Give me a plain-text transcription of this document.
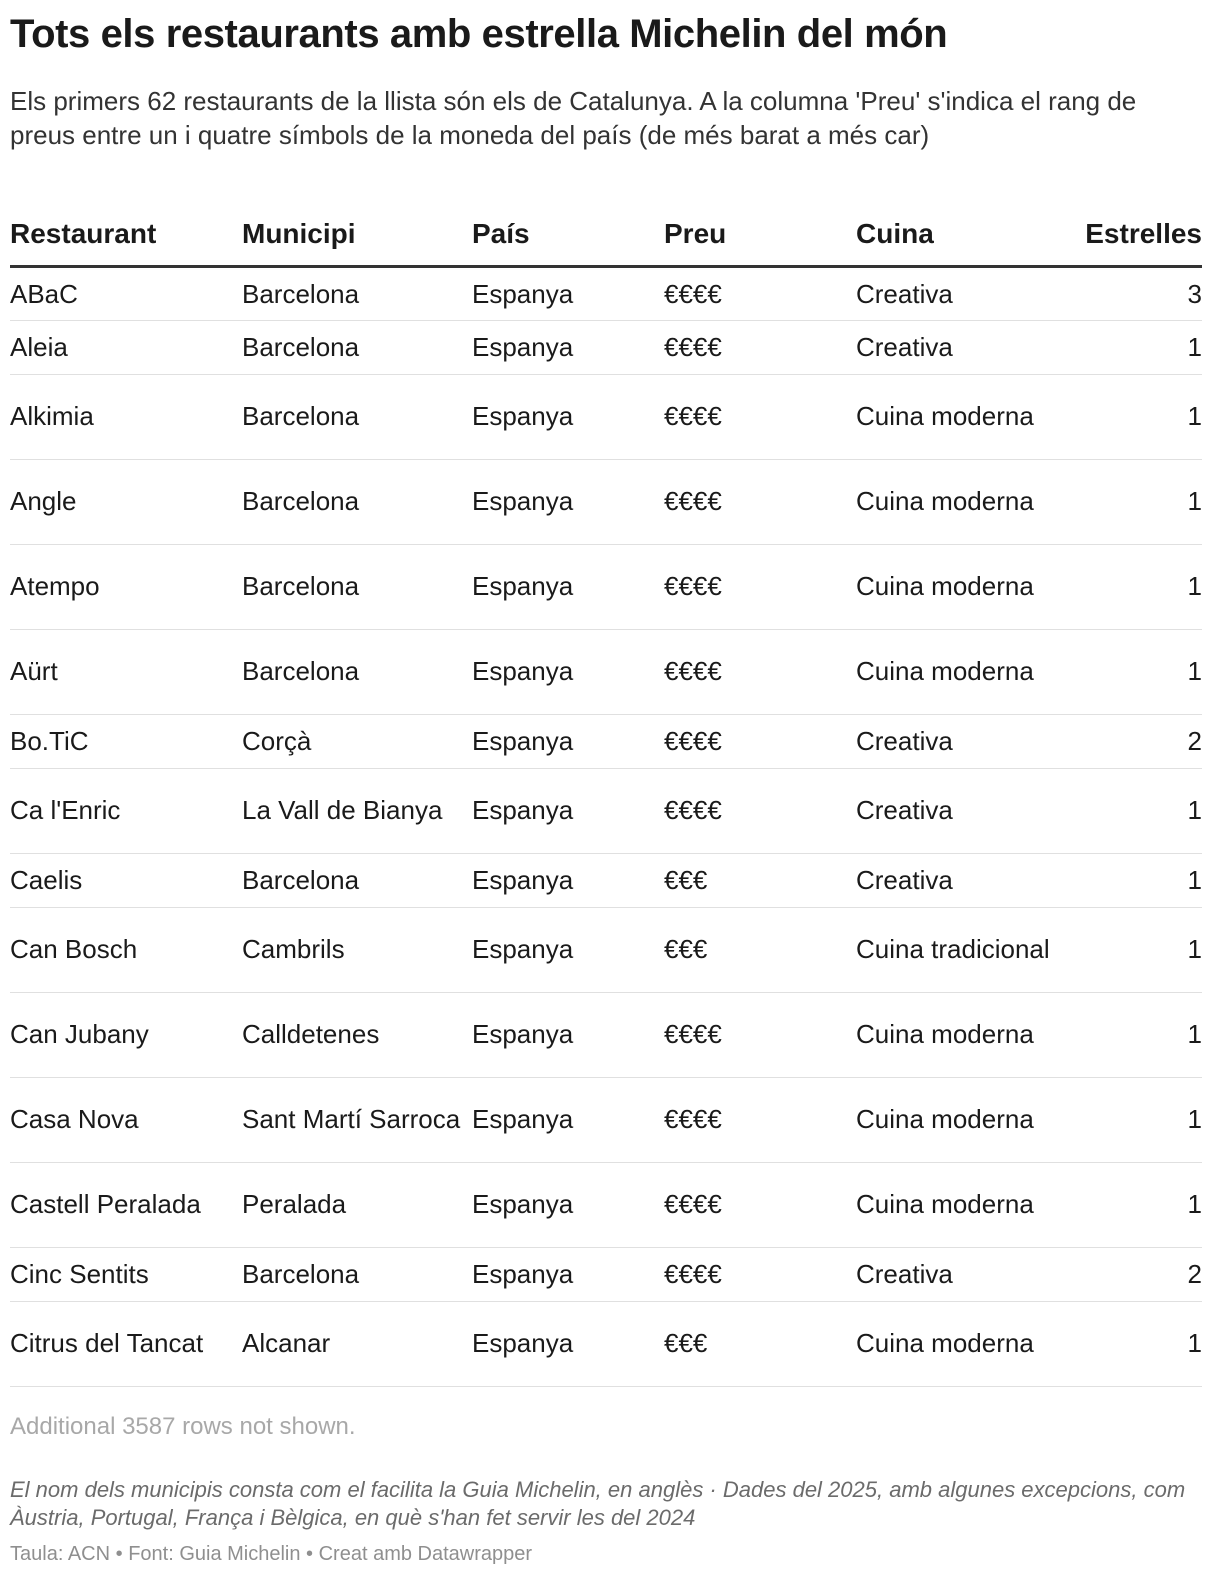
Tots els restaurants amb estrella Michelin del món

Els primers 62 restaurants de la llista són els de Catalunya. A la columna 'Preu' s'indica el rang de preus entre un i quatre símbols de la moneda del país (de més barat a més car)

Restaurant	Municipi	País	Preu	Cuina	Estrelles
ABaC	Barcelona	Espanya	€€€€	Creativa	3
Aleia	Barcelona	Espanya	€€€€	Creativa	1
Alkimia	Barcelona	Espanya	€€€€	Cuina moderna	1
Angle	Barcelona	Espanya	€€€€	Cuina moderna	1
Atempo	Barcelona	Espanya	€€€€	Cuina moderna	1
Aürt	Barcelona	Espanya	€€€€	Cuina moderna	1
Bo.TiC	Corçà	Espanya	€€€€	Creativa	2
Ca l'Enric	La Vall de Bianya	Espanya	€€€€	Creativa	1
Caelis	Barcelona	Espanya	€€€	Creativa	1
Can Bosch	Cambrils	Espanya	€€€	Cuina tradicional	1
Can Jubany	Calldetenes	Espanya	€€€€	Cuina moderna	1
Casa Nova	Sant Martí Sarroca	Espanya	€€€€	Cuina moderna	1
Castell Peralada	Peralada	Espanya	€€€€	Cuina moderna	1
Cinc Sentits	Barcelona	Espanya	€€€€	Creativa	2
Citrus del Tancat	Alcanar	Espanya	€€€	Cuina moderna	1

Additional 3587 rows not shown.

El nom dels municipis consta com el facilita la Guia Michelin, en anglès · Dades del 2025, amb algunes excepcions, com Àustria, Portugal, França i Bèlgica, en què s'han fet servir les del 2024

Taula: ACN • Font: Guia Michelin • Creat amb Datawrapper
